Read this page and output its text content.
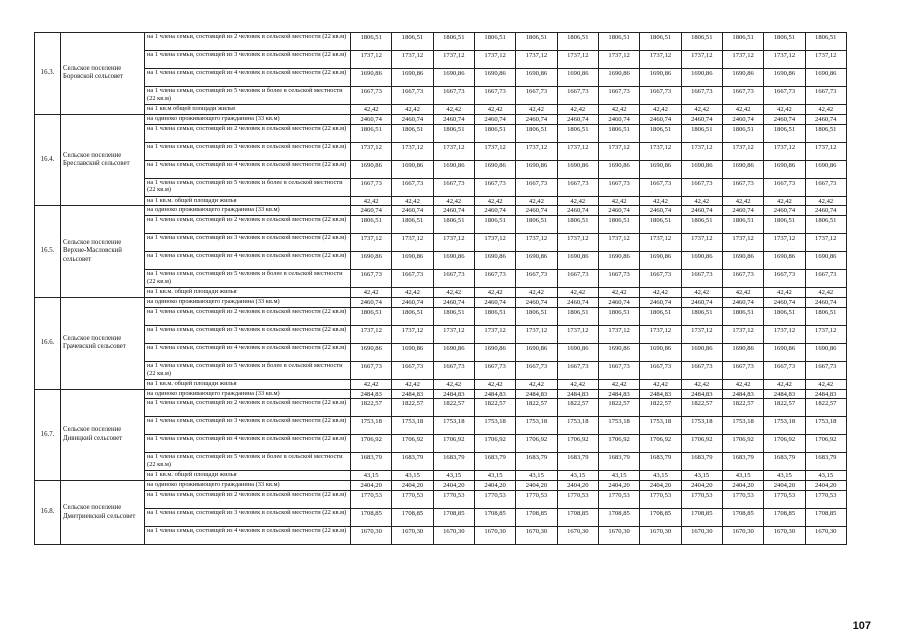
16.3.	Сельское поселение Боровской сельсовет	на 1 члена семьи, состоящей из 2 человек в сельской местности (22 кв.м)	1806,51	1806,51	1806,51	1806,51	1806,51	1806,51	1806,51	1806,51	1806,51	1806,51	1806,51	1806,51
		на 1 члена семьи, состоящей из 3 человек в сельской местности (22 кв.м)	1737,12	1737,12	1737,12	1737,12	1737,12	1737,12	1737,12	1737,12	1737,12	1737,12	1737,12	1737,12
		на 1 члена семьи, состоящей из 4 человек в сельской местности (22 кв.м)	1690,86	1690,86	1690,86	1690,86	1690,86	1690,86	1690,86	1690,86	1690,86	1690,86	1690,86	1690,86
		на 1 члена семьи, состоящей из 5 человек и более в сельской местности (22 кв.м)	1667,73	1667,73	1667,73	1667,73	1667,73	1667,73	1667,73	1667,73	1667,73	1667,73	1667,73	1667,73
		на 1 кв.м общей площади жилья	42,42	42,42	42,42	42,42	42,42	42,42	42,42	42,42	42,42	42,42	42,42	42,42
16.4.	Сельское поселение Бреславский сельсовет	на одиноко проживающего гражданина (33 кв.м)	2460,74	2460,74	2460,74	2460,74	2460,74	2460,74	2460,74	2460,74	2460,74	2460,74	2460,74	2460,74
		на 1 члена семьи, состоящей из 2 человек в сельской местности (22 кв.м)	1806,51	1806,51	1806,51	1806,51	1806,51	1806,51	1806,51	1806,51	1806,51	1806,51	1806,51	1806,51
		на 1 члена семьи, состоящей из 3 человек в сельской местности (22 кв.м)	1737,12	1737,12	1737,12	1737,12	1737,12	1737,12	1737,12	1737,12	1737,12	1737,12	1737,12	1737,12
		на 1 члена семьи, состоящей из 4 человек в сельской местности (22 кв.м)	1690,86	1690,86	1690,86	1690,86	1690,86	1690,86	1690,86	1690,86	1690,86	1690,86	1690,86	1690,86
		на 1 члена семьи, состоящей из 5 человек и более в сельской местности (22 кв.м)	1667,73	1667,73	1667,73	1667,73	1667,73	1667,73	1667,73	1667,73	1667,73	1667,73	1667,73	1667,73
		на 1 кв.м. общей площади жилья	42,42	42,42	42,42	42,42	42,42	42,42	42,42	42,42	42,42	42,42	42,42	42,42
16.5.	Сельское поселение Верхне-Масловский сельсовет	на одиноко проживающего гражданина (33 кв.м)	2460,74	2460,74	2460,74	2460,74	2460,74	2460,74	2460,74	2460,74	2460,74	2460,74	2460,74	2460,74
		на 1 члена семьи, состоящей из 2 человек в сельской местности (22 кв.м)	1806,51	1806,51	1806,51	1806,51	1806,51	1806,51	1806,51	1806,51	1806,51	1806,51	1806,51	1806,51
		на 1 члена семьи, состоящей из 3 человек в сельской местности (22 кв.м)	1737,12	1737,12	1737,12	1737,12	1737,12	1737,12	1737,12	1737,12	1737,12	1737,12	1737,12	1737,12
		на 1 члена семьи, состоящей из 4 человек в сельской местности (22 кв.м)	1690,86	1690,86	1690,86	1690,86	1690,86	1690,86	1690,86	1690,86	1690,86	1690,86	1690,86	1690,86
		на 1 члена семьи, состоящей из 5 человек и более в сельской местности (22 кв.м)	1667,73	1667,73	1667,73	1667,73	1667,73	1667,73	1667,73	1667,73	1667,73	1667,73	1667,73	1667,73
		на 1 кв.м. общей площади жилья	42,42	42,42	42,42	42,42	42,42	42,42	42,42	42,42	42,42	42,42	42,42	42,42
16.6.	Сельское поселение Грачевский сельсовет	на одиноко проживающего гражданина (33 кв.м)	2460,74	2460,74	2460,74	2460,74	2460,74	2460,74	2460,74	2460,74	2460,74	2460,74	2460,74	2460,74
		на 1 члена семьи, состоящей из 2 человек в сельской местности (22 кв.м)	1806,51	1806,51	1806,51	1806,51	1806,51	1806,51	1806,51	1806,51	1806,51	1806,51	1806,51	1806,51
		на 1 члена семьи, состоящей из 3 человек в сельской местности (22 кв.м)	1737,12	1737,12	1737,12	1737,12	1737,12	1737,12	1737,12	1737,12	1737,12	1737,12	1737,12	1737,12
		на 1 члена семьи, состоящей из 4 человек в сельской местности (22 кв.м)	1690,86	1690,86	1690,86	1690,86	1690,86	1690,86	1690,86	1690,86	1690,86	1690,86	1690,86	1690,86
		на 1 члена семьи, состоящей из 5 человек и более в сельской местности (22 кв.м)	1667,73	1667,73	1667,73	1667,73	1667,73	1667,73	1667,73	1667,73	1667,73	1667,73	1667,73	1667,73
		на 1 кв.м. общей площади жилья	42,42	42,42	42,42	42,42	42,42	42,42	42,42	42,42	42,42	42,42	42,42	42,42
16.7.	Сельское поселение Дивицкий сельсовет	на одиноко проживающего гражданина (33 кв.м)	2484,83	2484,83	2484,83	2484,83	2484,83	2484,83	2484,83	2484,83	2484,83	2484,83	2484,83	2484,83
		на 1 члена семьи, состоящей из 2 человек в сельской местности (22 кв.м)	1822,57	1822,57	1822,57	1822,57	1822,57	1822,57	1822,57	1822,57	1822,57	1822,57	1822,57	1822,57
		на 1 члена семьи, состоящей из 3 человек в сельской местности (22 кв.м)	1753,18	1753,18	1753,18	1753,18	1753,18	1753,18	1753,18	1753,18	1753,18	1753,18	1753,18	1753,18
		на 1 члена семьи, состоящей из 4 человек в сельской местности (22 кв.м)	1706,92	1706,92	1706,92	1706,92	1706,92	1706,92	1706,92	1706,92	1706,92	1706,92	1706,92	1706,92
		на 1 члена семьи, состоящей из 5 человек и более в сельской местности (22 кв.м)	1683,79	1683,79	1683,79	1683,79	1683,79	1683,79	1683,79	1683,79	1683,79	1683,79	1683,79	1683,79
		на 1 кв.м. общей площади жилья	43,15	43,15	43,15	43,15	43,15	43,15	43,15	43,15	43,15	43,15	43,15	43,15
16.8.	Сельское поселение Дмитриевский сельсовет	на одиноко проживающего гражданина (33 кв.м)	2404,20	2404,20	2404,20	2404,20	2404,20	2404,20	2404,20	2404,20	2404,20	2404,20	2404,20	2404,20
		на 1 члена семьи, состоящей из 2 человек в сельской местности (22 кв.м)	1770,53	1770,53	1770,53	1770,53	1770,53	1770,53	1770,53	1770,53	1770,53	1770,53	1770,53	1770,53
		на 1 члена семьи, состоящей из 3 человек в сельской местности (22 кв.м)	1708,85	1708,85	1708,85	1708,85	1708,85	1708,85	1708,85	1708,85	1708,85	1708,85	1708,85	1708,85
		на 1 члена семьи, состоящей из 4 человек в сельской местности (22 кв.м)	1670,30	1670,30	1670,30	1670,30	1670,30	1670,30	1670,30	1670,30	1670,30	1670,30	1670,30	1670,30
107
